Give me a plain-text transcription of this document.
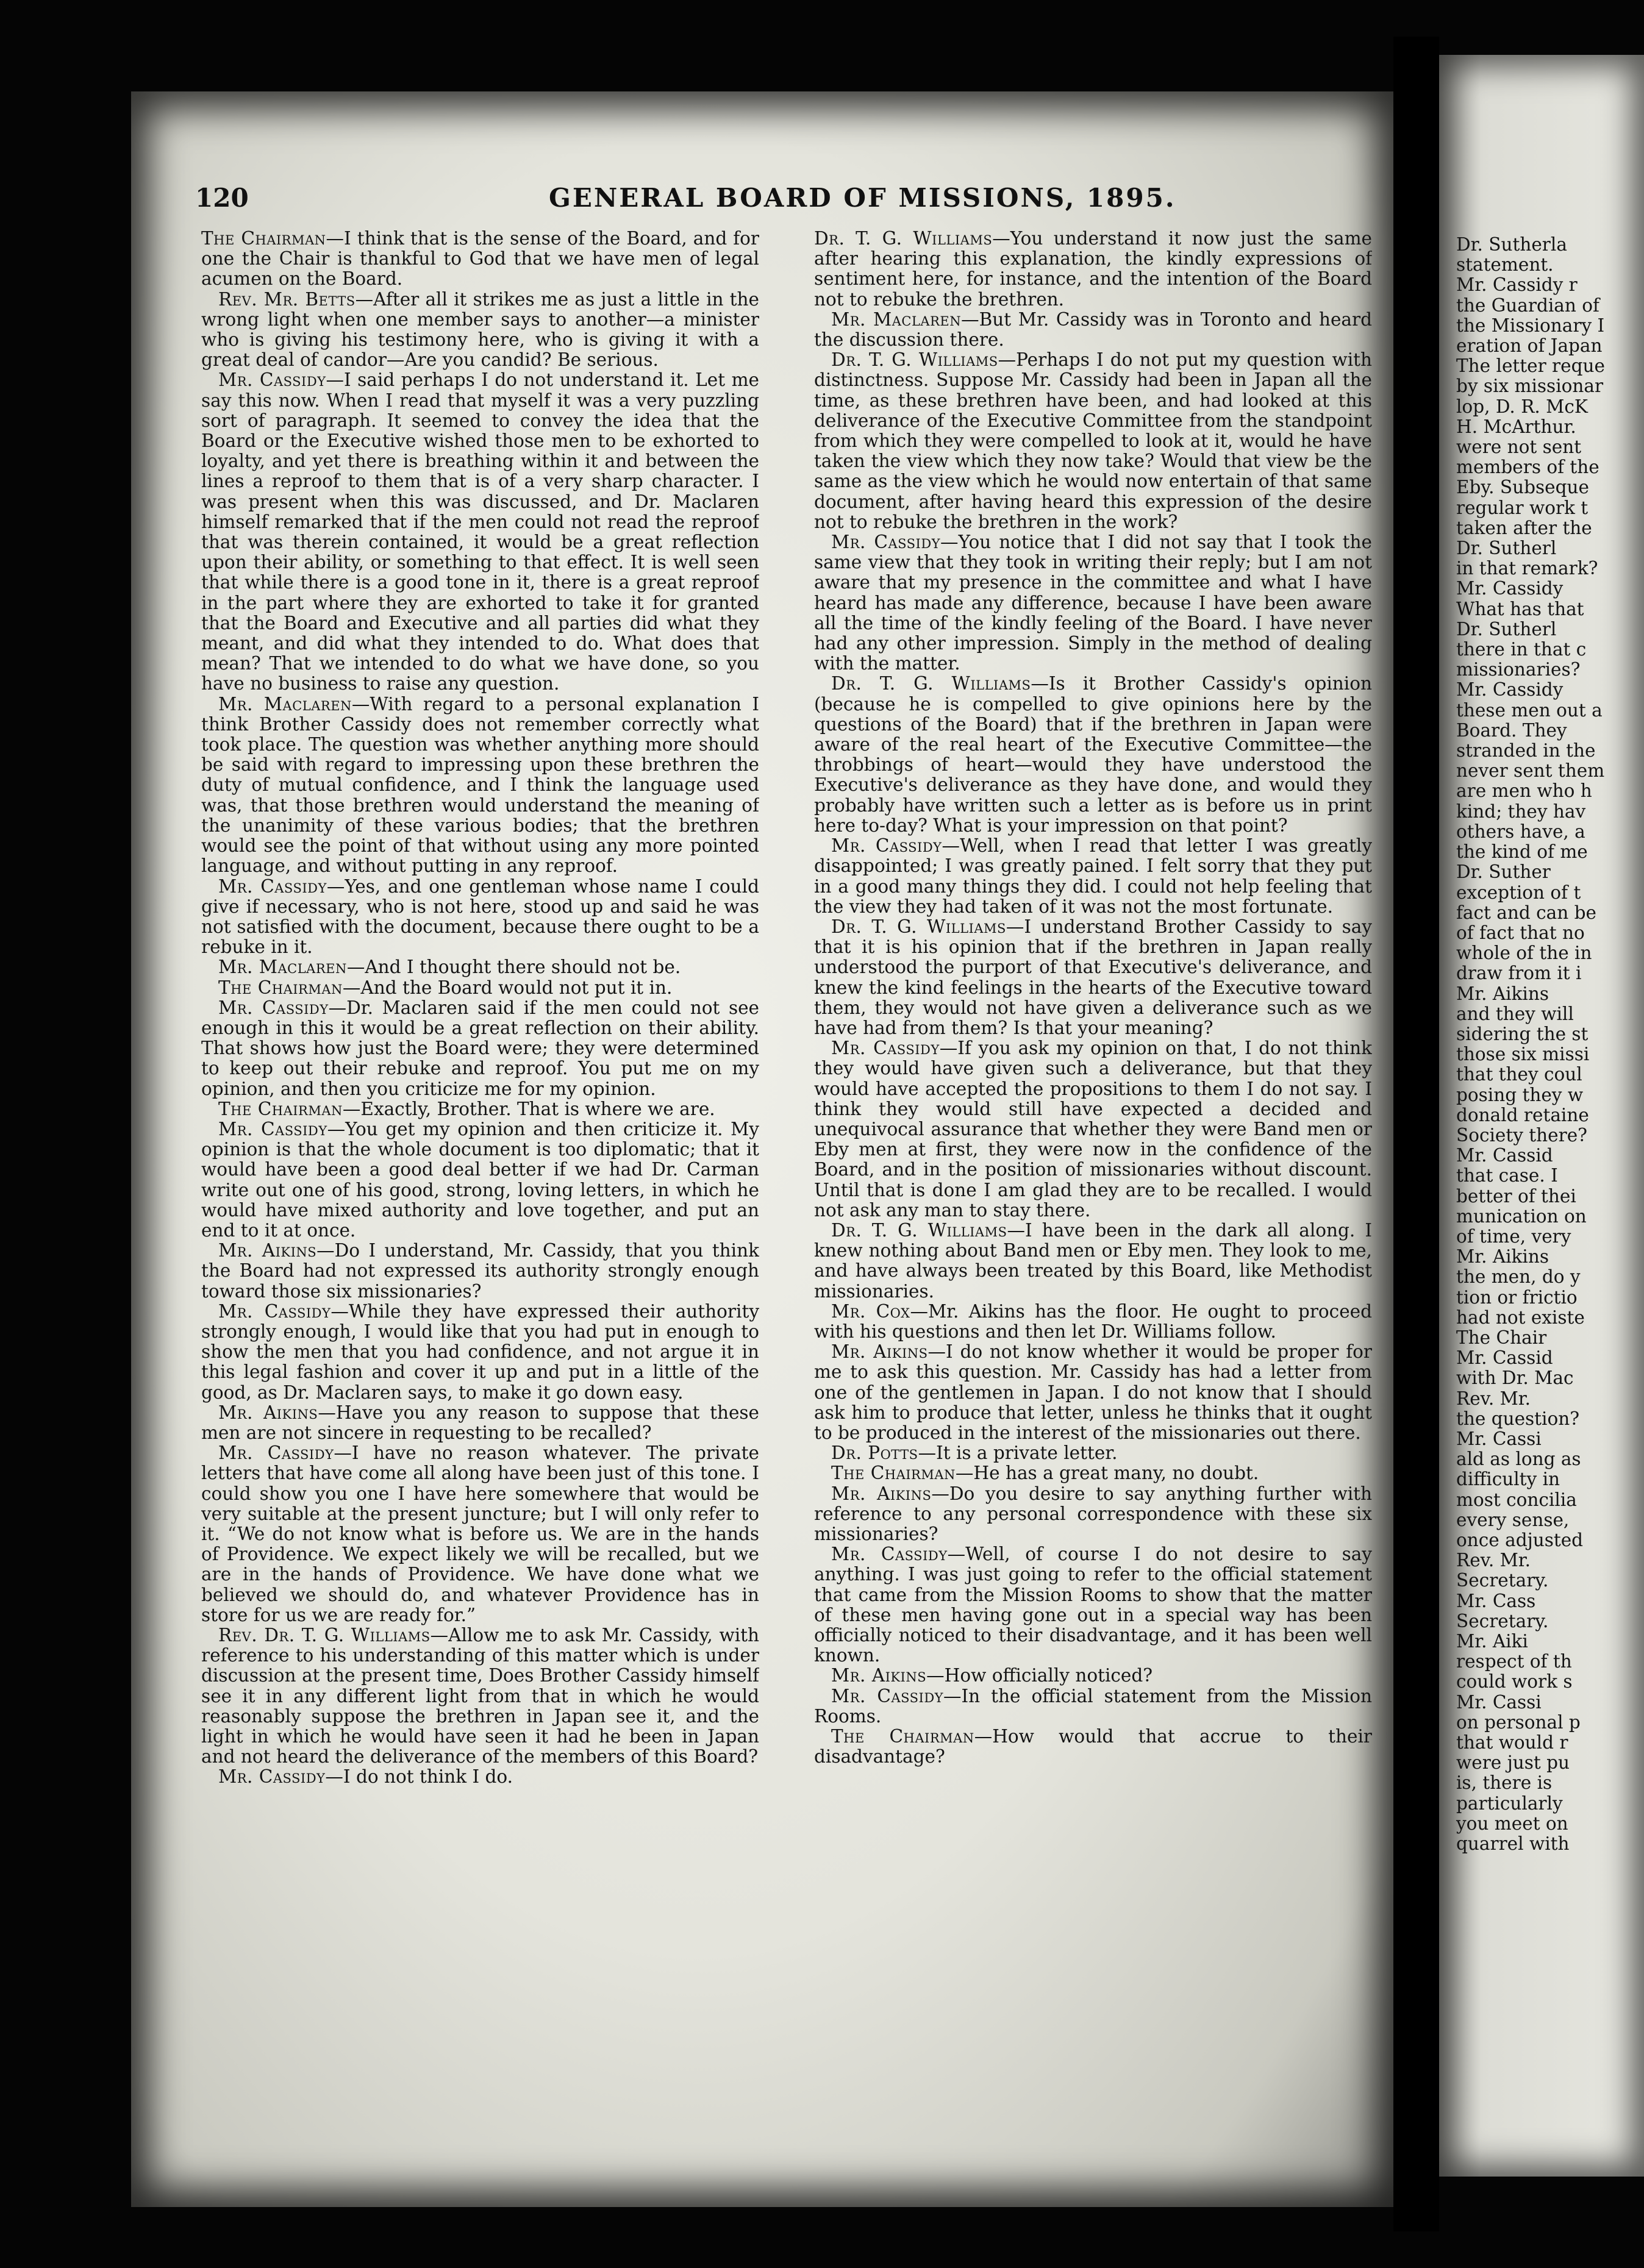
Dr. Sutherla
statement.
Mr. Cassidy r
the Guardian of
the Missionary I
eration of Japan
The letter reque
by six missionar
lop, D. R. McK
H. McArthur.
were not sent
members of the
Eby. Subseque
regular work t
taken after the
Dr. Sutherl
in that remark?
Mr. Cassidy
What has that
Dr. Sutherl
there in that c
missionaries?
Mr. Cassidy
these men out a
Board. They
stranded in the
never sent them
are men who h
kind; they hav
others have, a
the kind of me
Dr. Suther
exception of t
fact and can be
of fact that no
whole of the in
draw from it i
Mr. Aikins
and they will
sidering the st
those six missi
that they coul
posing they w
donald retaine
Society there?
Mr. Cassid
that case. I
better of thei
munication on
of time, very
Mr. Aikins
the men, do y
tion or frictio
had not existe
The Chair
Mr. Cassid
with Dr. Mac
Rev. Mr.
the question?
Mr. Cassi
ald as long as
difficulty in
most concilia
every sense,
once adjusted
Rev. Mr.
Secretary.
Mr. Cass
Secretary.
Mr. Aiki
respect of th
could work s
Mr. Cassi
on personal p
that would r
were just pu
is, there is
particularly
you meet on
quarrel with
120	GENERAL BOARD OF MISSIONS, 1895.

The Chairman—I think that is the sense of the Board, and for one the Chair is thankful to God that we have men of legal acumen on the Board.

Rev. Mr. Betts—After all it strikes me as just a little in the wrong light when one member says to another—a minister who is giving his testimony here, who is giving it with a great deal of candor—Are you candid? Be serious.

Mr. Cassidy—I said perhaps I do not understand it. Let me say this now. When I read that myself it was a very puzzling sort of paragraph. It seemed to convey the idea that the Board or the Executive wished those men to be exhorted to loyalty, and yet there is breathing within it and between the lines a reproof to them that is of a very sharp character. I was present when this was discussed, and Dr. Maclaren himself remarked that if the men could not read the reproof that was therein contained, it would be a great reflection upon their ability, or something to that effect. It is well seen that while there is a good tone in it, there is a great reproof in the part where they are exhorted to take it for granted that the Board and Executive and all parties did what they meant, and did what they intended to do. What does that mean? That we intended to do what we have done, so you have no business to raise any question.

Mr. Maclaren—With regard to a personal explanation I think Brother Cassidy does not remember correctly what took place. The question was whether anything more should be said with regard to impressing upon these brethren the duty of mutual confidence, and I think the language used was, that those brethren would understand the meaning of the unanimity of these various bodies; that the brethren would see the point of that without using any more pointed language, and without putting in any reproof.

Mr. Cassidy—Yes, and one gentleman whose name I could give if necessary, who is not here, stood up and said he was not satisfied with the document, because there ought to be a rebuke in it.

Mr. Maclaren—And I thought there should not be.

The Chairman—And the Board would not put it in.

Mr. Cassidy—Dr. Maclaren said if the men could not see enough in this it would be a great reflection on their ability. That shows how just the Board were; they were determined to keep out their rebuke and reproof. You put me on my opinion, and then you criticize me for my opinion.

The Chairman—Exactly, Brother. That is where we are.

Mr. Cassidy—You get my opinion and then criticize it. My opinion is that the whole document is too diplomatic; that it would have been a good deal better if we had Dr. Carman write out one of his good, strong, loving letters, in which he would have mixed authority and love together, and put an end to it at once.

Mr. Aikins—Do I understand, Mr. Cassidy, that you think the Board had not expressed its authority strongly enough toward those six missionaries?

Mr. Cassidy—While they have expressed their authority strongly enough, I would like that you had put in enough to show the men that you had confidence, and not argue it in this legal fashion and cover it up and put in a little of the good, as Dr. Maclaren says, to make it go down easy.

Mr. Aikins—Have you any reason to suppose that these men are not sincere in requesting to be recalled?

Mr. Cassidy—I have no reason whatever. The private letters that have come all along have been just of this tone. I could show you one I have here somewhere that would be very suitable at the present juncture; but I will only refer to it. “We do not know what is before us. We are in the hands of Providence. We expect likely we will be recalled, but we are in the hands of Providence. We have done what we believed we should do, and whatever Providence has in store for us we are ready for.”

Rev. Dr. T. G. Williams—Allow me to ask Mr. Cassidy, with reference to his understanding of this matter which is under discussion at the present time, Does Brother Cassidy himself see it in any different light from that in which he would reasonably suppose the brethren in Japan see it, and the light in which he would have seen it had he been in Japan and not heard the deliverance of the members of this Board?

Mr. Cassidy—I do not think I do.

Dr. T. G. Williams—You understand it now just the same after hearing this explanation, the kindly expressions of sentiment here, for instance, and the intention of the Board not to rebuke the brethren.

Mr. Maclaren—But Mr. Cassidy was in Toronto and heard the discussion there.

Dr. T. G. Williams—Perhaps I do not put my question with distinctness. Suppose Mr. Cassidy had been in Japan all the time, as these brethren have been, and had looked at this deliverance of the Executive Committee from the standpoint from which they were compelled to look at it, would he have taken the view which they now take? Would that view be the same as the view which he would now entertain of that same document, after having heard this expression of the desire not to rebuke the brethren in the work?

Mr. Cassidy—You notice that I did not say that I took the same view that they took in writing their reply; but I am not aware that my presence in the committee and what I have heard has made any difference, because I have been aware all the time of the kindly feeling of the Board. I have never had any other impression. Simply in the method of dealing with the matter.

Dr. T. G. Williams—Is it Brother Cassidy's opinion (because he is compelled to give opinions here by the questions of the Board) that if the brethren in Japan were aware of the real heart of the Executive Committee—the throbbings of heart—would they have understood the Executive's deliverance as they have done, and would they probably have written such a letter as is before us in print here to-day? What is your impression on that point?

Mr. Cassidy—Well, when I read that letter I was greatly disappointed; I was greatly pained. I felt sorry that they put in a good many things they did. I could not help feeling that the view they had taken of it was not the most fortunate.

Dr. T. G. Williams—I understand Brother Cassidy to say that it is his opinion that if the brethren in Japan really understood the purport of that Executive's deliverance, and knew the kind feelings in the hearts of the Executive toward them, they would not have given a deliverance such as we have had from them? Is that your meaning?

Mr. Cassidy—If you ask my opinion on that, I do not think they would have given such a deliverance, but that they would have accepted the propositions to them I do not say. I think they would still have expected a decided and unequivocal assurance that whether they were Band men or Eby men at first, they were now in the confidence of the Board, and in the position of missionaries without discount. Until that is done I am glad they are to be recalled. I would not ask any man to stay there.

Dr. T. G. Williams—I have been in the dark all along. I knew nothing about Band men or Eby men. They look to me, and have always been treated by this Board, like Methodist missionaries.

Mr. Cox—Mr. Aikins has the floor. He ought to proceed with his questions and then let Dr. Williams follow.

Mr. Aikins—I do not know whether it would be proper for me to ask this question. Mr. Cassidy has had a letter from one of the gentlemen in Japan. I do not know that I should ask him to produce that letter, unless he thinks that it ought to be produced in the interest of the missionaries out there.

Dr. Potts—It is a private letter.

The Chairman—He has a great many, no doubt.

Mr. Aikins—Do you desire to say anything further with reference to any personal correspondence with these six missionaries?

Mr. Cassidy—Well, of course I do not desire to say anything. I was just going to refer to the official statement that came from the Mission Rooms to show that the matter of these men having gone out in a special way has been officially noticed to their disadvantage, and it has been well known.

Mr. Aikins—How officially noticed?

Mr. Cassidy—In the official statement from the Mission Rooms.

The Chairman—How would that accrue to their disadvantage?
